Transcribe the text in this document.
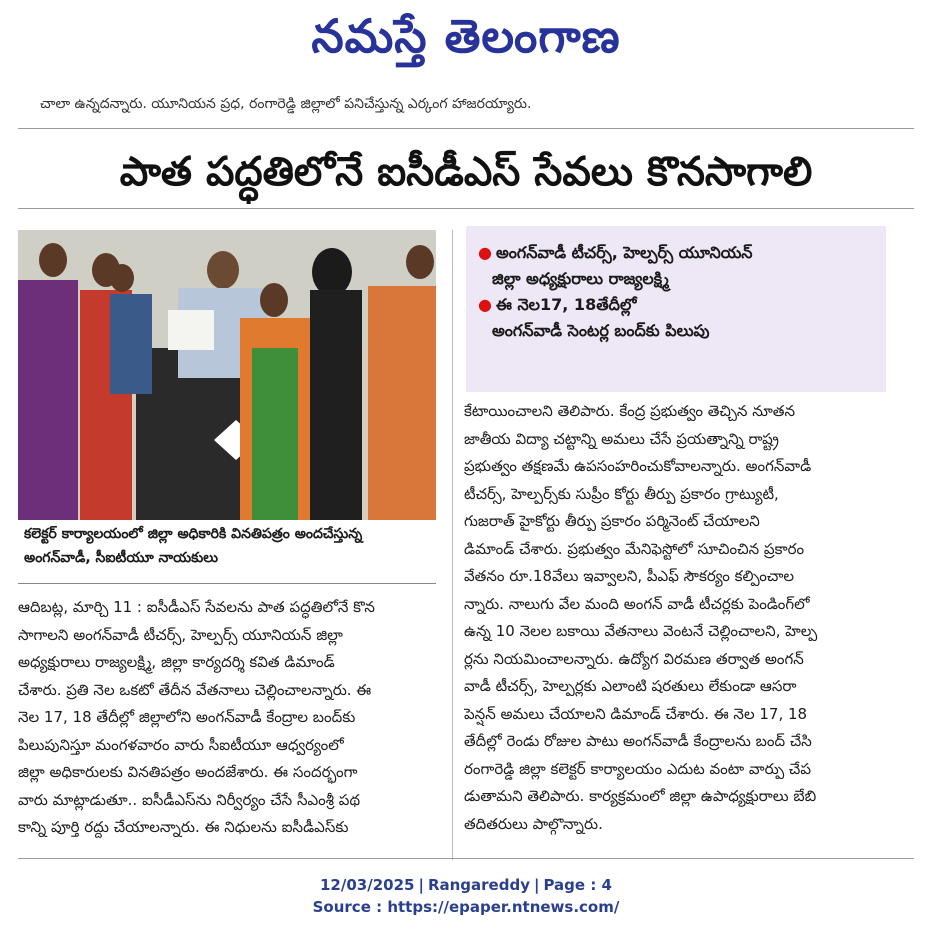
నమస్తే తెలంగాణ
చాలా ఉన్నదన్నారు. యూనియన ప్రధ, రంగారెడ్డి జిల్లాలో పనిచేస్తున్న ఎర్కంగ హాజరయ్యారు.
పాత పద్ధతిలోనే ఐసీడీఎస్ సేవలు కొనసాగాలి
కలెక్టర్ కార్యాలయంలో జిల్లా అధికారికి వినతిపత్రం అందచేస్తున్న
అంగన్‌వాడీ, సీఐటీయూ నాయకులు
● అంగన్‌వాడీ టీచర్స్, హెల్పర్స్ యూనియన్
జిల్లా అధ్యక్షురాలు రాజ్యలక్ష్మి
● ఈ నెల17, 18తేదీల్లో
అంగన్‌వాడీ సెంటర్ల బంద్‌కు పిలుపు
ఆదిబట్ల, మార్చి 11 : ఐసీడీఎస్ సేవలను పాత పద్ధతిలోనే కొన
సాగాలని అంగన్‌వాడీ టీచర్స్, హెల్పర్స్ యూనియన్ జిల్లా
అధ్యక్షురాలు రాజ్యలక్ష్మి, జిల్లా కార్యదర్శి కవిత డిమాండ్
చేశారు. ప్రతి నెల ఒకటో తేదీన వేతనాలు చెల్లించాలన్నారు. ఈ
నెల 17, 18 తేదీల్లో జిల్లాలోని అంగన్‌వాడీ కేంద్రాల బంద్‌కు
పిలుపునిస్తూ మంగళవారం వారు సీఐటీయూ ఆధ్వర్యంలో
జిల్లా అధికారులకు వినతిపత్రం అందజేశారు. ఈ సందర్భంగా
వారు మాట్లాడుతూ.. ఐసీడీఎస్‌ను నిర్వీర్యం చేసే సీఎంశ్రీ పథ
కాన్ని పూర్తి రద్దు చేయాలన్నారు. ఈ నిధులను ఐసీడీఎస్‌కు
కేటాయించాలని తెలిపారు. కేంద్ర ప్రభుత్వం తెచ్చిన నూతన
జాతీయ విద్యా చట్టాన్ని అమలు చేసే ప్రయత్నాన్ని రాష్ట్ర
ప్రభుత్వం తక్షణమే ఉపసంహరించుకోవాలన్నారు. అంగన్‌వాడీ
టీచర్స్, హెల్పర్స్‌కు సుప్రీం కోర్టు తీర్పు ప్రకారం గ్రాట్యుటీ,
గుజరాత్ హైకోర్టు తీర్పు ప్రకారం పర్మినెంట్ చేయాలని
డిమాండ్ చేశారు. ప్రభుత్వం మేనిఫెస్టోలో సూచించిన ప్రకారం
వేతనం రూ.18వేలు ఇవ్వాలని, పీఎఫ్ సౌకర్యం కల్పించాల
న్నారు. నాలుగు వేల మంది అంగన్ వాడీ టీచర్లకు పెండింగ్‌లో
ఉన్న 10 నెలల బకాయి వేతనాలు వెంటనే చెల్లించాలని, హెల్ప
ర్లను నియమించాలన్నారు. ఉద్యోగ విరమణ తర్వాత అంగన్
వాడీ టీచర్స్, హెల్పర్లకు ఎలాంటి షరతులు లేకుండా ఆసరా
పెన్షన్ అమలు చేయాలని డిమాండ్ చేశారు. ఈ నెల 17, 18
తేదీల్లో రెండు రోజుల పాటు అంగన్‌వాడీ కేంద్రాలను బంద్ చేసి
రంగారెడ్డి జిల్లా కలెక్టర్ కార్యాలయం ఎదుట వంటా వార్పు చేప
డుతామని తెలిపారు. కార్యక్రమంలో జిల్లా ఉపాధ్యక్షురాలు బేబి
తదితరులు పాల్గొన్నారు.
12/03/2025 | Rangareddy | Page : 4
Source : https://epaper.ntnews.com/
